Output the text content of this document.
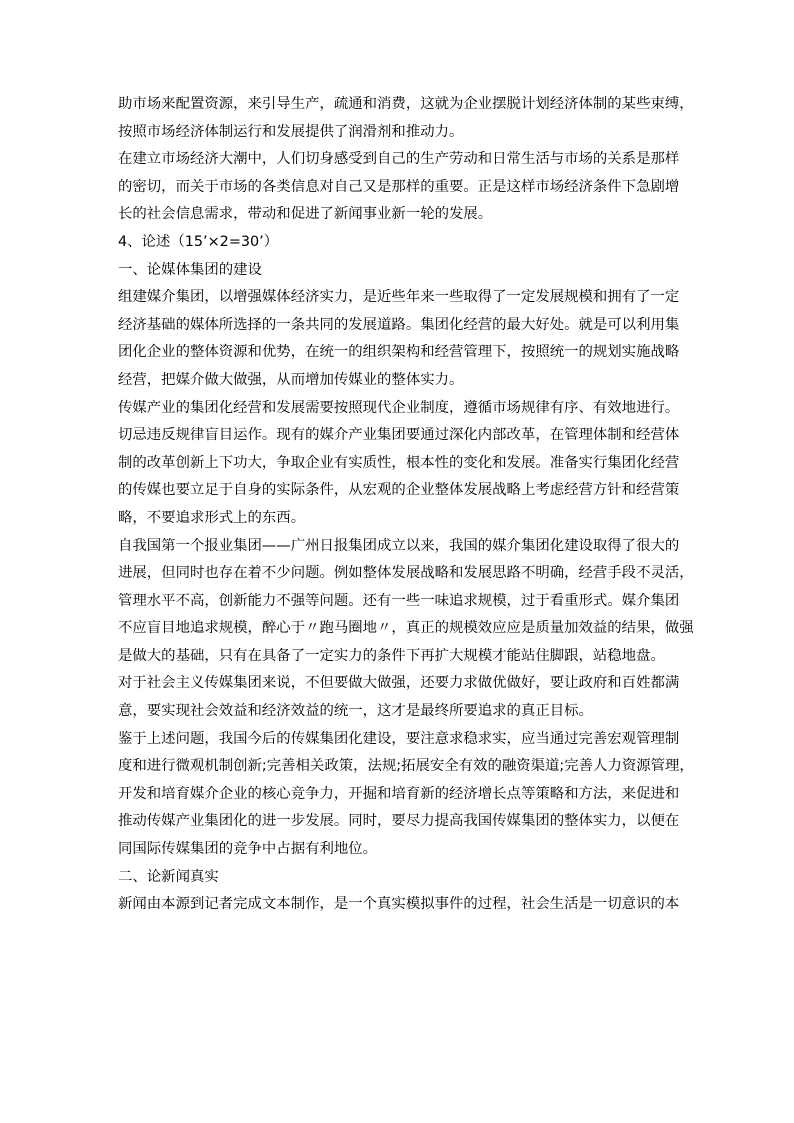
助市场来配置资源，来引导生产，疏通和消费，这就为企业摆脱计划经济体制的某些束缚，
按照市场经济体制运行和发展提供了润滑剂和推动力。
在建立市场经济大潮中，人们切身感受到自己的生产劳动和日常生活与市场的关系是那样
的密切，而关于市场的各类信息对自己又是那样的重要。正是这样市场经济条件下急剧增
长的社会信息需求，带动和促进了新闻事业新一轮的发展。
4、论述（15’×2=30’）
一、论媒体集团的建设
组建媒介集团，以增强媒体经济实力，是近些年来一些取得了一定发展规模和拥有了一定
经济基础的媒体所选择的一条共同的发展道路。集团化经营的最大好处。就是可以利用集
团化企业的整体资源和优势，在统一的组织架构和经营管理下，按照统一的规划实施战略
经营，把媒介做大做强，从而增加传媒业的整体实力。
传媒产业的集团化经营和发展需要按照现代企业制度，遵循市场规律有序、有效地进行。
切忌违反规律盲目运作。现有的媒介产业集团要通过深化内部改革，在管理体制和经营体
制的改革创新上下功大，争取企业有实质性，根本性的变化和发展。准备实行集团化经营
的传媒也要立足于自身的实际条件，从宏观的企业整体发展战略上考虑经营方针和经营策
略，不要追求形式上的东西。
自我国第一个报业集团——广州日报集团成立以来，我国的媒介集团化建设取得了很大的
进展，但同时也存在着不少问题。例如整体发展战略和发展思路不明确，经营手段不灵活，
管理水平不高，创新能力不强等问题。还有一些一味追求规模，过于看重形式。媒介集团
不应盲目地追求规模，醉心于〃跑马圈地〃，真正的规模效应应是质量加效益的结果，做强
是做大的基础，只有在具备了一定实力的条件下再扩大规模才能站住脚跟，站稳地盘。
对于社会主义传媒集团来说，不但要做大做强，还要力求做优做好，要让政府和百姓都满
意，要实现社会效益和经济效益的统一，这才是最终所要追求的真正目标。
鉴于上述问题，我国今后的传媒集团化建设，要注意求稳求实，应当通过完善宏观管理制
度和进行微观机制创新;完善相关政策，法规;拓展安全有效的融资渠道;完善人力资源管理，
开发和培育媒介企业的核心竞争力，开掘和培育新的经济增长点等策略和方法，来促进和
推动传媒产业集团化的进一步发展。同时，要尽力提高我国传媒集团的整体实力，以便在
同国际传媒集团的竞争中占据有利地位。
二、论新闻真实
新闻由本源到记者完成文本制作，是一个真实模拟事件的过程，社会生活是一切意识的本
